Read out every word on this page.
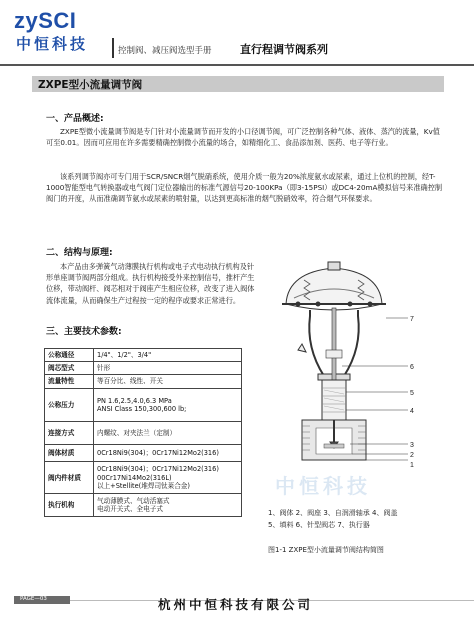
zySCI
中恒科技	控制阀、减压阀选型手册	直行程调节阀系列
ZXPE型小流量调节阀
一、产品概述:

ZXPE型微小流量调节阀是专门针对小流量调节而开发的小口径调节阀，可广泛控制各种气体、液体、蒸汽的流量，Kv值可至0.01。因而可应用在许多需要精确控制微小流量的场合，如精细化工、食品添加剂、医药、电子等行业。

该系列调节阀亦可专门用于SCR/SNCR烟气脱硝系统，使用介质一般为20%浓度氨水或尿素，通过上位机的控制，经T-1000智能型电气转换器或电气阀门定位器输出的标准气源信号20-100KPa（即3-15PSI）或DC4-20mA模拟信号来准确控制阀门的开度，从而准确调节氨水或尿素的喷射量，以达到更高标准的烟气脱硝效率，符合烟气环保要求。

二、结构与原理:

本产品由多弹簧气动薄膜执行机构或电子式电动执行机构及针形单座调节阀两部分组成。执行机构接受外来控制信号，推杆产生位移，带动阀杆、阀芯相对于阀座产生相应位移，改变了进入阀体流体流量，从而确保生产过程按一定的程序或要求正常进行。

三、主要技术参数:
公称通径	1/4"、1/2"、3/4"
阀芯型式	针形
流量特性	等百分比、线性、开关
公称压力	PN 1.6,2.5,4.0,6.3 MPa
ANSI Class 150,300,600 lb;
连接方式	内螺纹、对夹法兰（定制）
阀体材质	0Cr18Ni9(304)；0Cr17Ni12Mo2(316)
阀内件材质	0Cr18Ni9(304)；0Cr17Ni12Mo2(316)
00Cr17Ni14Mo2(316L)
以上+Stellite(堆焊司钛莱合金)
执行机构	气动薄膜式、气动活塞式
电动开关式、全电子式
中恒科技
7
6
5
4
3
2
1
1、阀体 2、阀座 3、自润滑轴承 4、阀盖
5、填料 6、针型阀芯 7、执行器
图1-1 ZXPE型小流量调节阀结构简图
PAGE—03	杭州中恒科技有限公司
